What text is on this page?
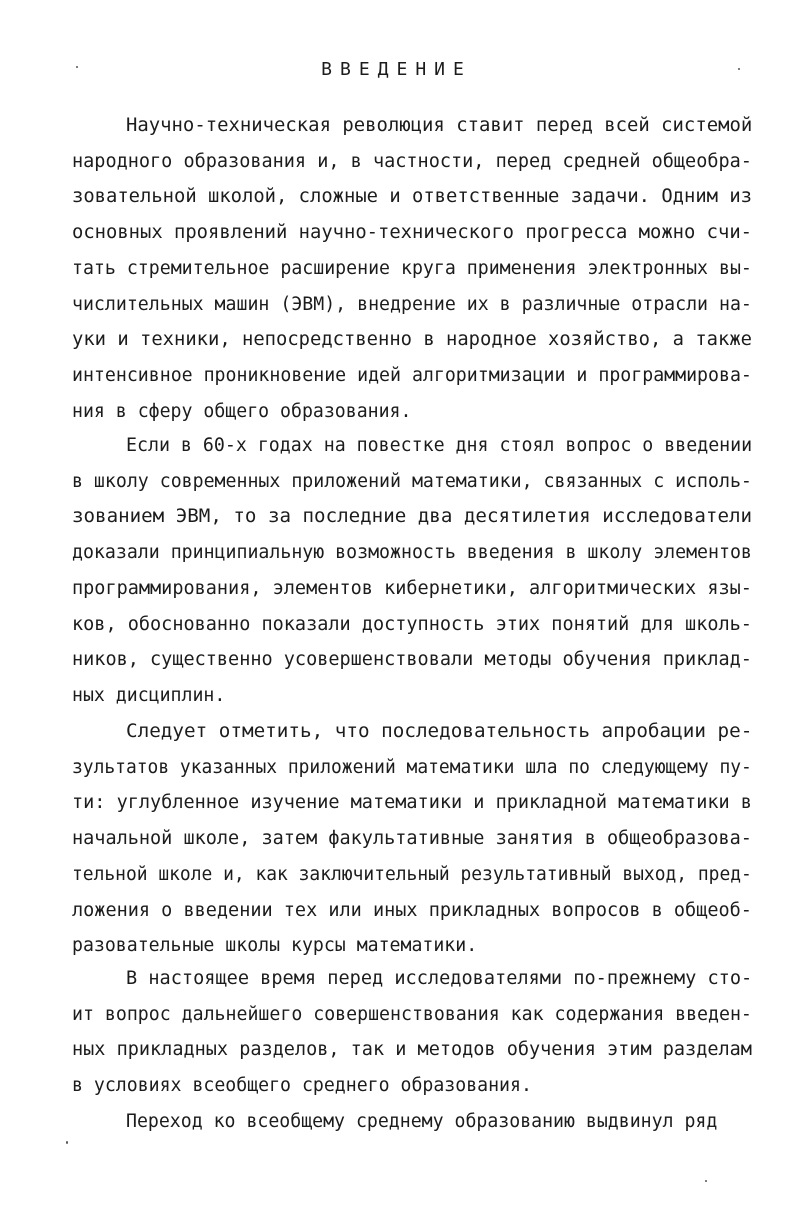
ВВЕДЕНИЕ
Научно-техническая революция ставит перед всей системой
народного образования и, в частности, перед средней общеобра-
зовательной школой, сложные и ответственные задачи. Одним из
основных проявлений научно-технического прогресса можно счи-
тать стремительное расширение круга применения электронных вы-
числительных машин (ЭВМ), внедрение их в различные отрасли на-
уки и техники, непосредственно в народное хозяйство, а также
интенсивное проникновение идей алгоритмизации и программирова-
ния в сферу общего образования.
Если в 60-х годах на повестке дня стоял вопрос о введении
в школу современных приложений математики, связанных с исполь-
зованием ЭВМ, то за последние два десятилетия исследователи
доказали принципиальную возможность введения в школу элементов
программирования, элементов кибернетики, алгоритмических язы-
ков, обоснованно показали доступность этих понятий для школь-
ников, существенно усовершенствовали методы обучения приклад-
ных дисциплин.
Следует отметить, что последовательность апробации ре-
зультатов указанных приложений математики шла по следующему пу-
ти: углубленное изучение математики и прикладной математики в
начальной школе, затем факультативные занятия в общеобразова-
тельной школе и, как заключительный результативный выход, пред-
ложения о введении тех или иных прикладных вопросов в общеоб-
разовательные школы курсы математики.
В настоящее время перед исследователями по-прежнему сто-
ит вопрос дальнейшего совершенствования как содержания введен-
ных прикладных разделов, так и методов обучения этим разделам
в условиях всеобщего среднего образования.
Переход ко всеобщему среднему образованию выдвинул ряд
